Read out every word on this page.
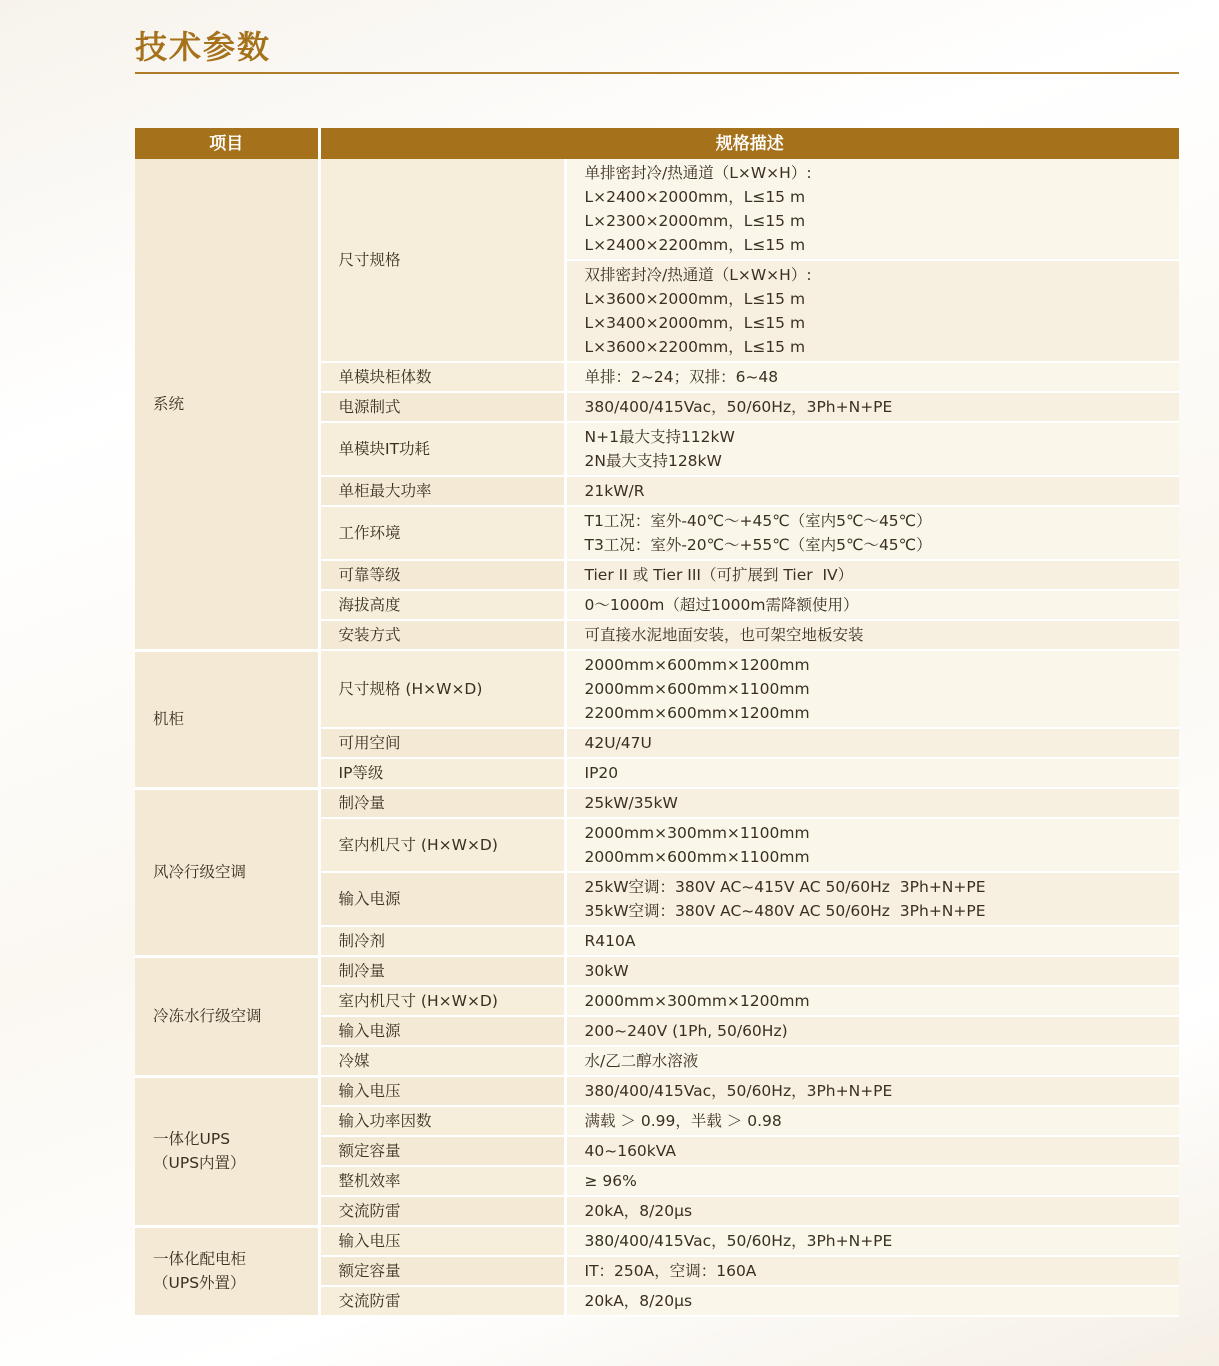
技术参数
项目	规格描述	

系统	尺寸规格	单排密封冷/热通道（L×W×H）:
L×2400×2000mm，L≤15 m
L×2300×2000mm，L≤15 m
L×2400×2200mm，L≤15 m

		双排密封冷/热通道（L×W×H）:
L×3600×2000mm，L≤15 m
L×3400×2000mm，L≤15 m
L×3600×2200mm，L≤15 m

	单模块柜体数	单排：2~24；双排：6~48

	电源制式	380/400/415Vac，50/60Hz，3Ph+N+PE

	单模块IT功耗	N+1最大支持112kW
2N最大支持128kW

	单柜最大功率	21kW/R

	工作环境	T1工况：室外-40℃～+45℃（室内5℃～45℃）
T3工况：室外-20℃～+55℃（室内5℃～45℃）

	可靠等级	Tier II 或 Tier III（可扩展到 Tier  IV）

	海拔高度	0～1000m（超过1000m需降额使用）

	安装方式	可直接水泥地面安装，也可架空地板安装

机柜	尺寸规格 (H×W×D)	2000mm×600mm×1200mm
2000mm×600mm×1100mm
2200mm×600mm×1200mm

	可用空间	42U/47U

	IP等级	IP20

风冷行级空调	制冷量	25kW/35kW

	室内机尺寸 (H×W×D)	2000mm×300mm×1100mm
2000mm×600mm×1100mm

	输入电源	25kW空调：380V AC~415V AC 50/60Hz  3Ph+N+PE
35kW空调：380V AC~480V AC 50/60Hz  3Ph+N+PE

	制冷剂	R410A

冷冻水行级空调	制冷量	30kW

	室内机尺寸 (H×W×D)	2000mm×300mm×1200mm

	输入电源	200~240V (1Ph, 50/60Hz)

	冷媒	水/乙二醇水溶液

一体化UPS
（UPS内置）	输入电压	380/400/415Vac，50/60Hz，3Ph+N+PE

	输入功率因数	满载 ＞ 0.99，半载 ＞ 0.98

	额定容量	40~160kVA

	整机效率	≥ 96%

	交流防雷	20kA，8/20μs

一体化配电柜
（UPS外置）	输入电压	380/400/415Vac，50/60Hz，3Ph+N+PE

	额定容量	IT：250A，空调：160A

	交流防雷	20kA，8/20μs
